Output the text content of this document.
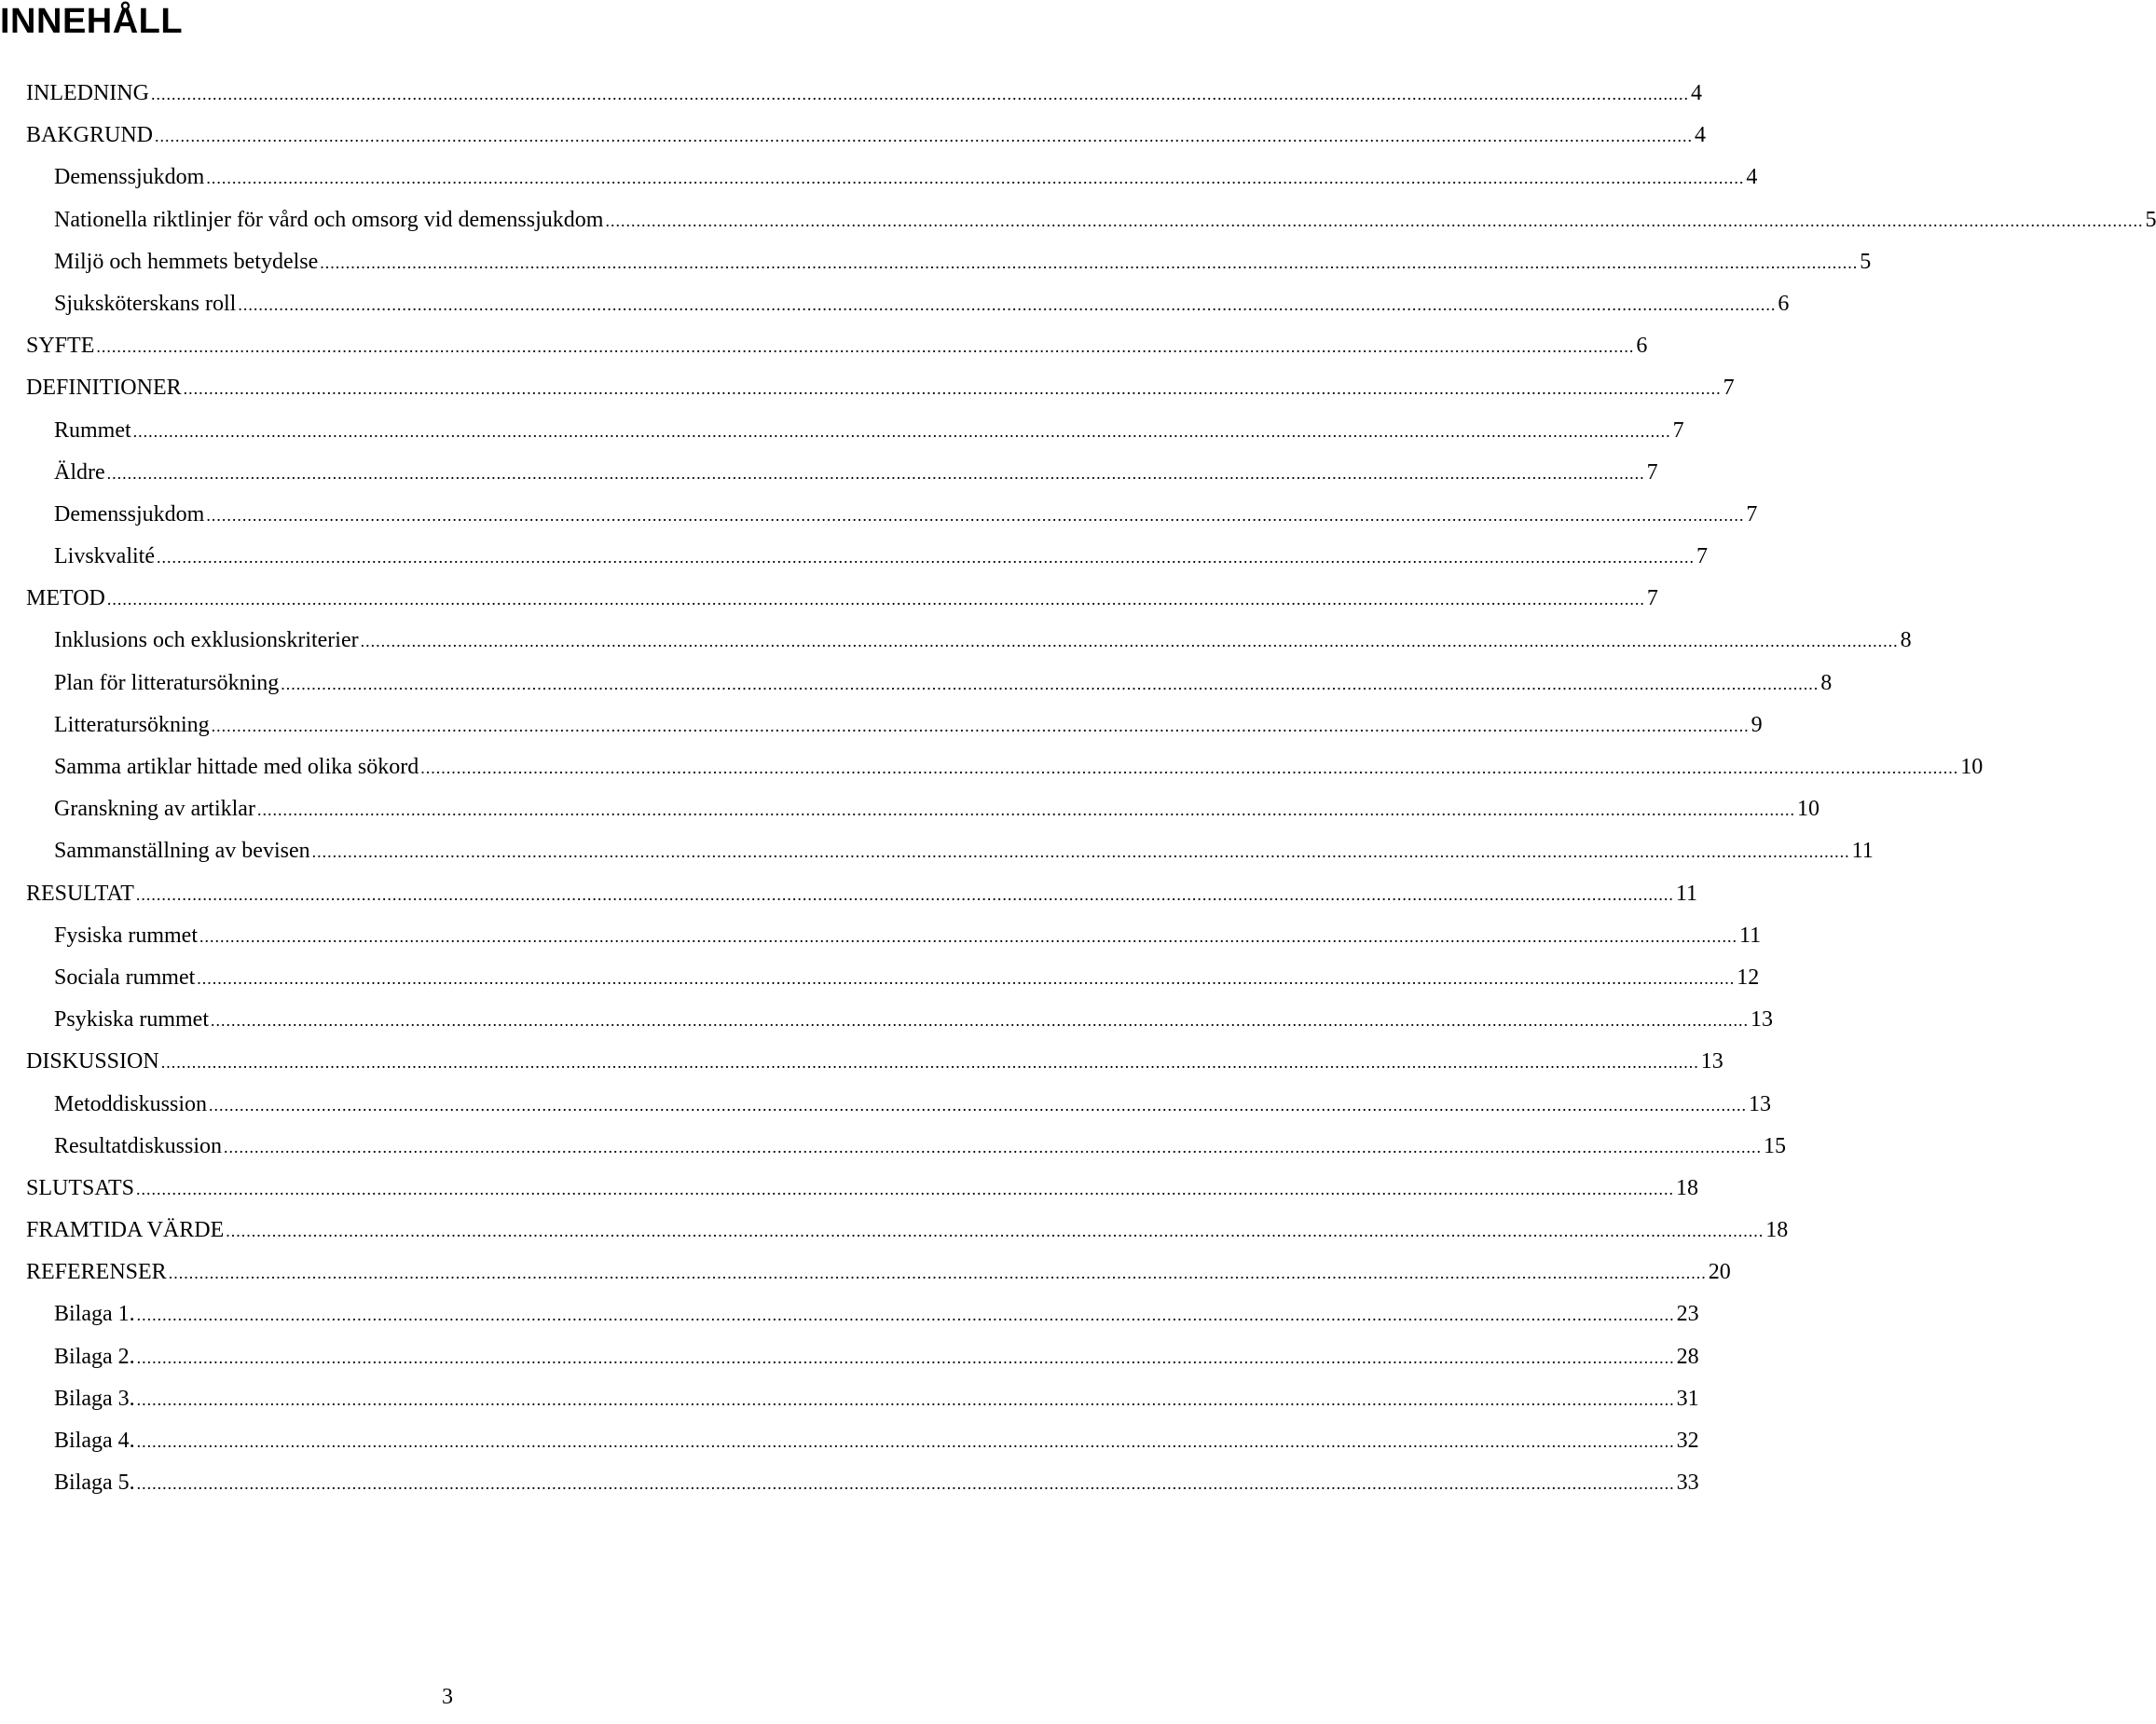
INNEHÅLL
INLEDNING ............................................................................................................................................................................................................................................................................................................ 4
BAKGRUND ............................................................................................................................................................................................................................................................................................................ 4
Demenssjukdom ............................................................................................................................................................................................................................................................................................................ 4
Nationella riktlinjer för vård och omsorg vid demenssjukdom ............................................................................................................................................................................................................................................................................................................ 5
Miljö och hemmets betydelse ............................................................................................................................................................................................................................................................................................................ 5
Sjuksköterskans roll ............................................................................................................................................................................................................................................................................................................ 6
SYFTE ............................................................................................................................................................................................................................................................................................................ 6
DEFINITIONER ............................................................................................................................................................................................................................................................................................................ 7
Rummet ............................................................................................................................................................................................................................................................................................................ 7
Äldre ............................................................................................................................................................................................................................................................................................................ 7
Demenssjukdom ............................................................................................................................................................................................................................................................................................................ 7
Livskvalité ............................................................................................................................................................................................................................................................................................................ 7
METOD ............................................................................................................................................................................................................................................................................................................ 7
Inklusions och exklusionskriterier ............................................................................................................................................................................................................................................................................................................ 8
Plan för litteratursökning ............................................................................................................................................................................................................................................................................................................ 8
Litteratursökning ............................................................................................................................................................................................................................................................................................................ 9
Samma artiklar hittade med olika sökord ............................................................................................................................................................................................................................................................................................................ 10
Granskning av artiklar ............................................................................................................................................................................................................................................................................................................ 10
Sammanställning av bevisen ............................................................................................................................................................................................................................................................................................................ 11
RESULTAT ............................................................................................................................................................................................................................................................................................................ 11
Fysiska rummet ............................................................................................................................................................................................................................................................................................................ 11
Sociala rummet ............................................................................................................................................................................................................................................................................................................ 12
Psykiska rummet ............................................................................................................................................................................................................................................................................................................ 13
DISKUSSION ............................................................................................................................................................................................................................................................................................................ 13
Metoddiskussion ............................................................................................................................................................................................................................................................................................................ 13
Resultatdiskussion ............................................................................................................................................................................................................................................................................................................ 15
SLUTSATS ............................................................................................................................................................................................................................................................................................................ 18
FRAMTIDA VÄRDE ............................................................................................................................................................................................................................................................................................................ 18
REFERENSER ............................................................................................................................................................................................................................................................................................................ 20
Bilaga 1. ............................................................................................................................................................................................................................................................................................................ 23
Bilaga 2. ............................................................................................................................................................................................................................................................................................................ 28
Bilaga 3. ............................................................................................................................................................................................................................................................................................................ 31
Bilaga 4. ............................................................................................................................................................................................................................................................................................................ 32
Bilaga 5. ............................................................................................................................................................................................................................................................................................................ 33
3
